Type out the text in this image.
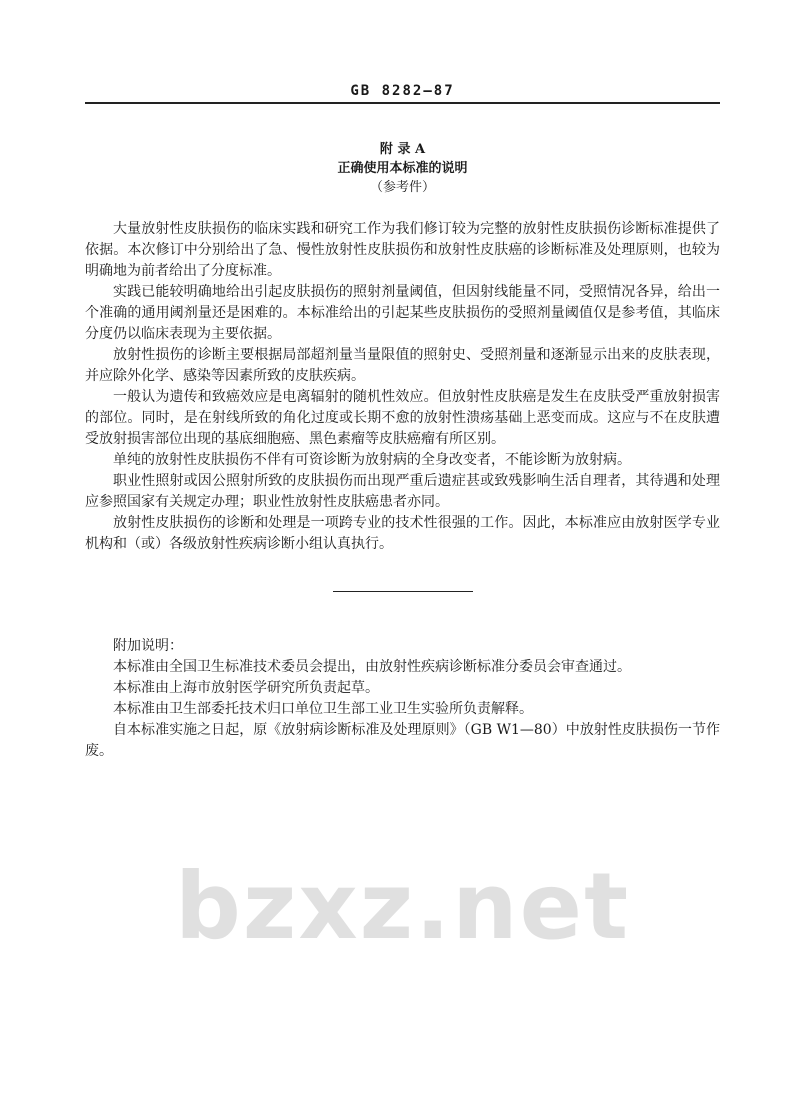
GB 8282—87
附 录 A
正确使用本标准的说明
（参考件）

大量放射性皮肤损伤的临床实践和研究工作为我们修订较为完整的放射性皮肤损伤诊断标准提供了依据。本次修订中分别给出了急、慢性放射性皮肤损伤和放射性皮肤癌的诊断标准及处理原则，也较为明确地为前者给出了分度标准。

实践已能较明确地给出引起皮肤损伤的照射剂量阈值，但因射线能量不同，受照情况各异，给出一个准确的通用阈剂量还是困难的。本标准给出的引起某些皮肤损伤的受照剂量阈值仅是参考值，其临床分度仍以临床表现为主要依据。

放射性损伤的诊断主要根据局部超剂量当量限值的照射史、受照剂量和逐渐显示出来的皮肤表现，并应除外化学、感染等因素所致的皮肤疾病。

一般认为遗传和致癌效应是电离辐射的随机性效应。但放射性皮肤癌是发生在皮肤受严重放射损害的部位。同时，是在射线所致的角化过度或长期不愈的放射性溃疡基础上恶变而成。这应与不在皮肤遭受放射损害部位出现的基底细胞癌、黑色素瘤等皮肤癌瘤有所区别。

单纯的放射性皮肤损伤不伴有可资诊断为放射病的全身改变者，不能诊断为放射病。

职业性照射或因公照射所致的皮肤损伤而出现严重后遗症甚或致残影响生活自理者，其待遇和处理应参照国家有关规定办理；职业性放射性皮肤癌患者亦同。

放射性皮肤损伤的诊断和处理是一项跨专业的技术性很强的工作。因此，本标准应由放射医学专业机构和（或）各级放射性疾病诊断小组认真执行。

附加说明：

本标准由全国卫生标准技术委员会提出，由放射性疾病诊断标准分委员会审查通过。

本标准由上海市放射医学研究所负责起草。

本标准由卫生部委托技术归口单位卫生部工业卫生实验所负责解释。

自本标准实施之日起，原《放射病诊断标准及处理原则》（GB W1—80）中放射性皮肤损伤一节作废。

bzxz.net
